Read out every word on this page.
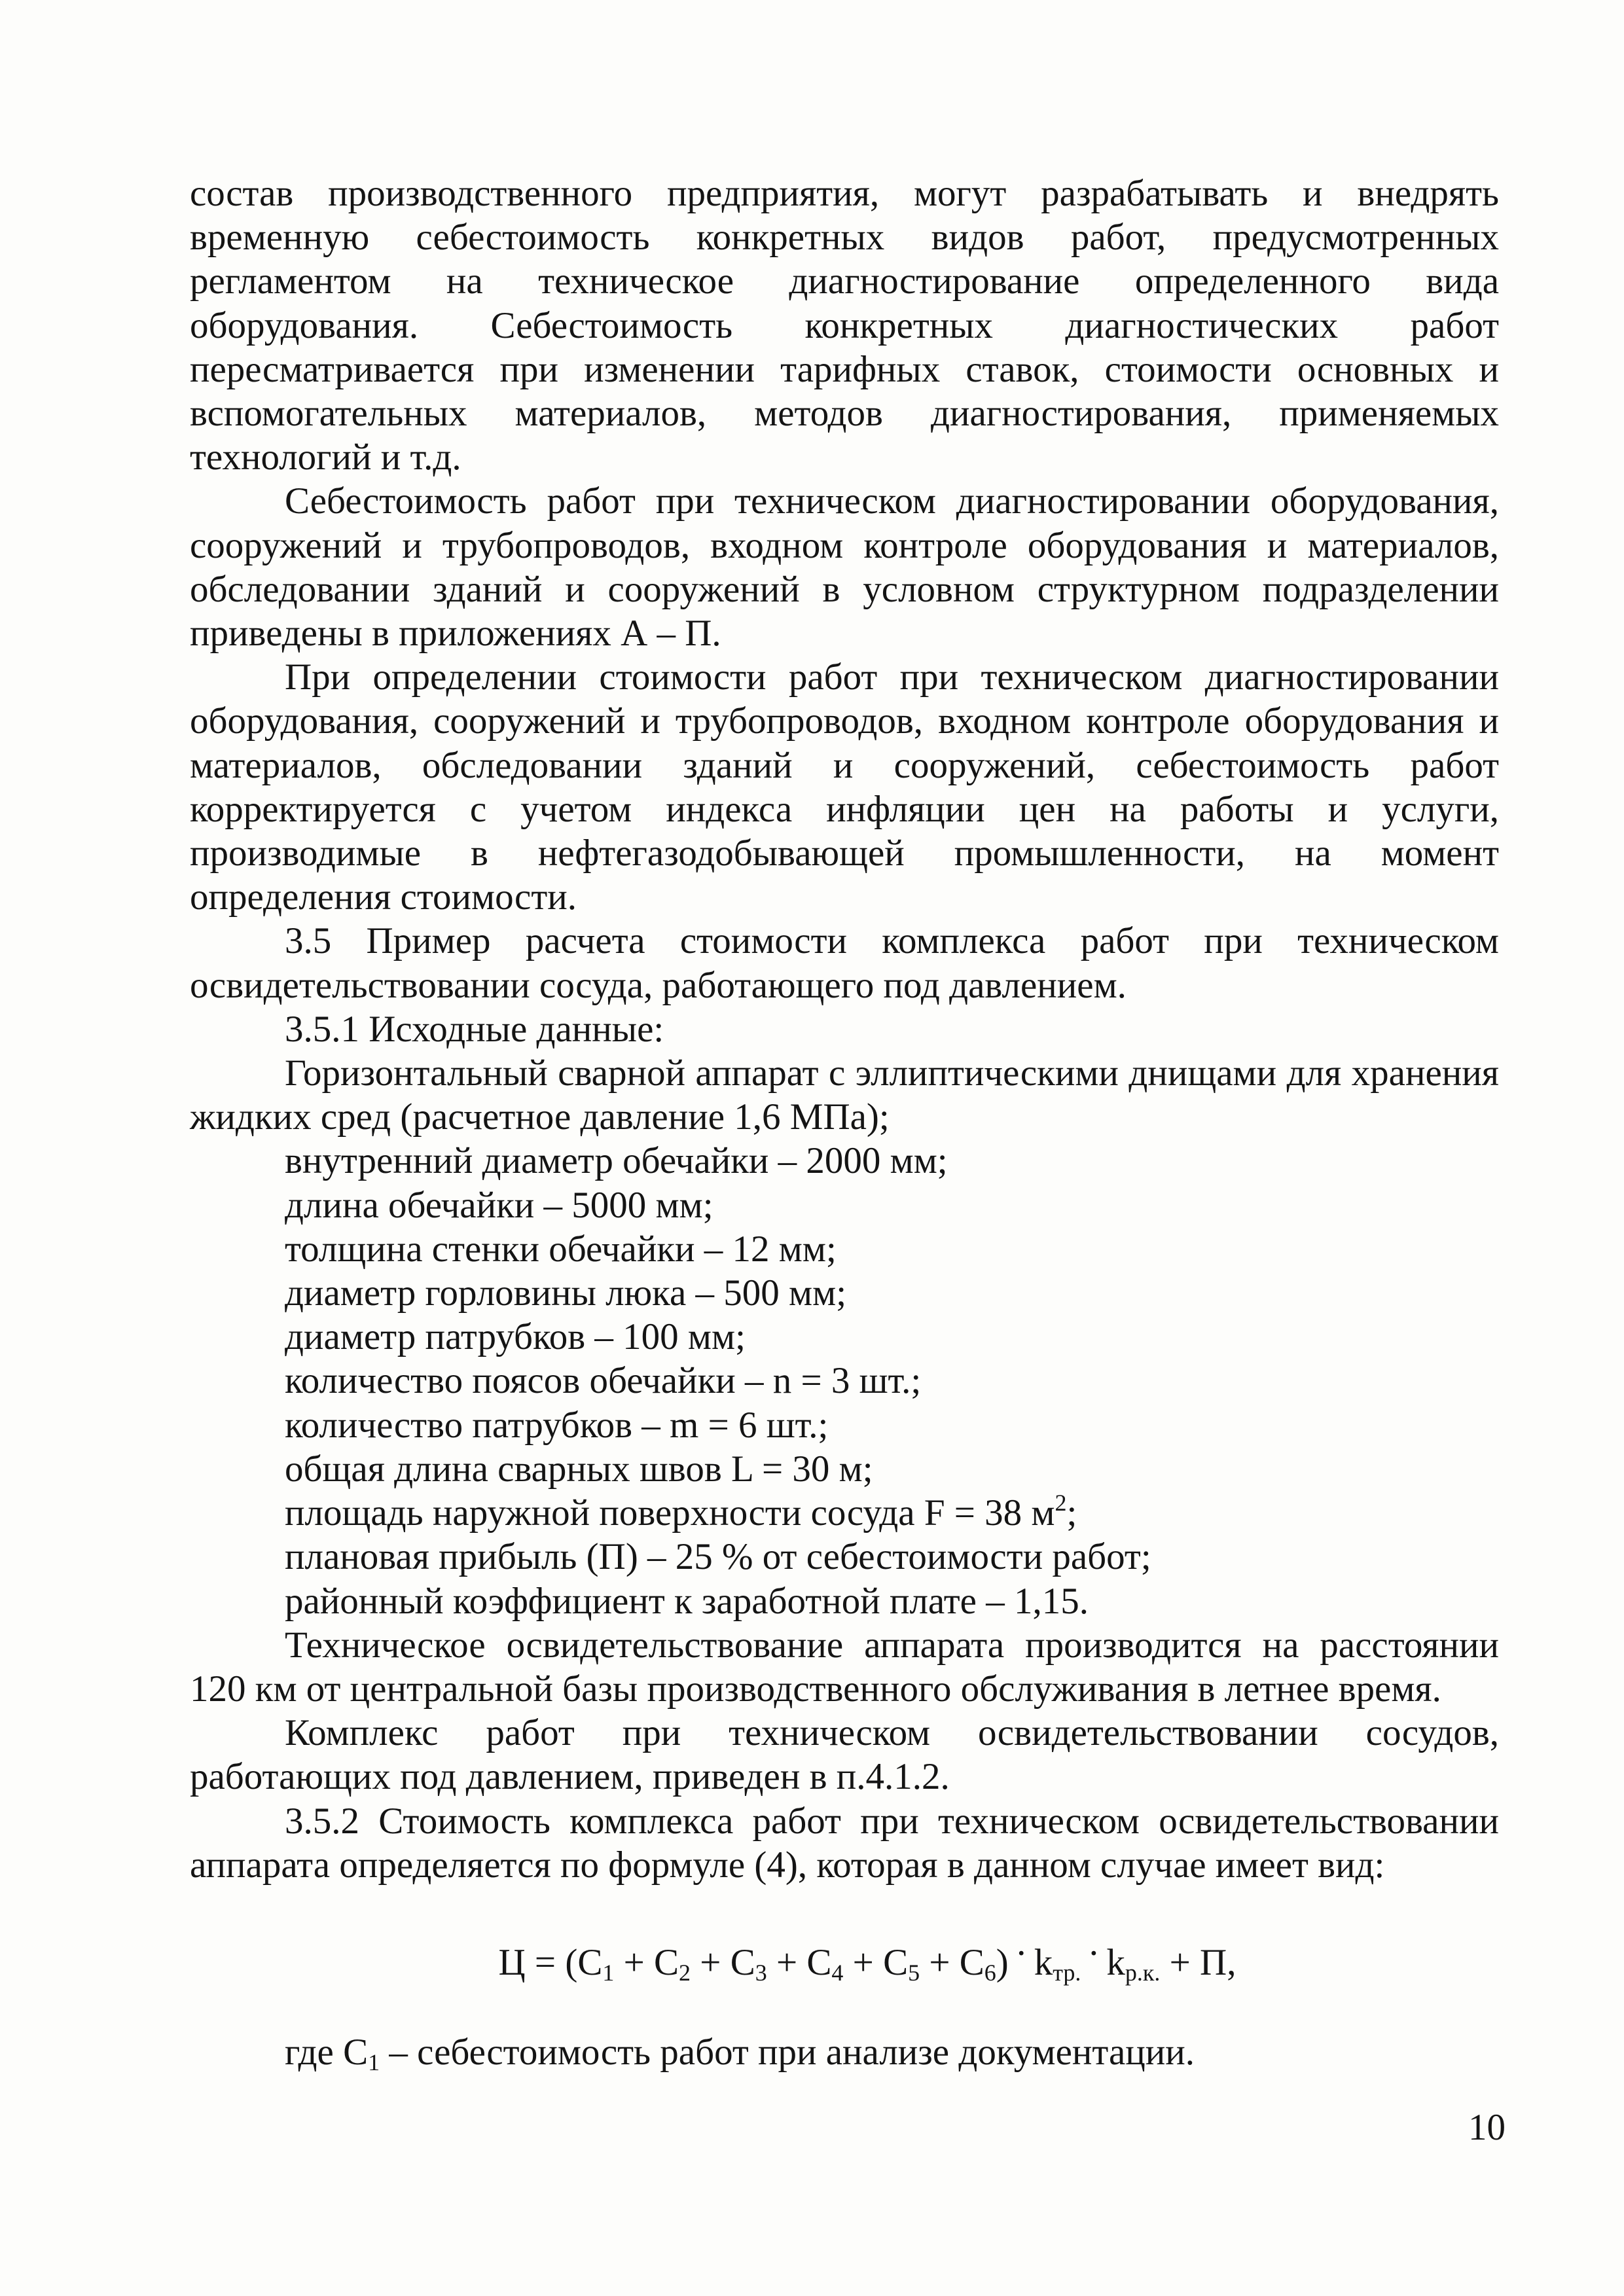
состав производственного предприятия, могут разрабатывать и внедрять временную себестоимость конкретных видов работ, предусмотренных регламентом на техническое диагностирование определенного вида оборудования. Себестоимость конкретных диагностических работ пересматривается при изменении тарифных ставок, стоимости основных и вспомогательных материалов, методов диагностирования, применяемых технологий и т.д.

Себестоимость работ при техническом диагностировании оборудования, сооружений и трубопроводов, входном контроле оборудования и материалов, обследовании зданий и сооружений в условном структурном подразделении приведены в приложениях А – П.

При определении стоимости работ при техническом диагностировании оборудования, сооружений и трубопроводов, входном контроле оборудования и материалов, обследовании зданий и сооружений, себестоимость работ корректируется с учетом индекса инфляции цен на работы и услуги, производимые в нефтегазодобывающей промышленности, на момент определения стоимости.

3.5 Пример расчета стоимости комплекса работ при техническом освидетельствовании сосуда, работающего под давлением.

3.5.1 Исходные данные:

Горизонтальный сварной аппарат с эллиптическими днищами для хранения жидких сред (расчетное давление 1,6 МПа);

внутренний диаметр обечайки – 2000 мм;
длина обечайки – 5000 мм;
толщина стенки обечайки – 12 мм;
диаметр горловины люка – 500 мм;
диаметр патрубков – 100 мм;
количество поясов обечайки – n = 3 шт.;
количество патрубков – m = 6 шт.;
общая длина сварных швов L = 30 м;
площадь наружной поверхности сосуда F = 38 $м^2$;
плановая прибыль (П) – 25 % от себестоимости работ;
районный коэффициент к заработной плате – 1,15.

Техническое освидетельствование аппарата производится на расстоянии 120 км от центральной базы производственного обслуживания в летнее время.

Комплекс работ при техническом освидетельствовании сосудов, работающих под давлением, приведен в п.4.1.2.

3.5.2 Стоимость комплекса работ при техническом освидетельствовании аппарата определяется по формуле (4), которая в данном случае имеет вид:

$Ц = (C_1 + C_2 + C_3 + C_4 + C_5 + C_6) \cdot k_{тр.} \cdot k_{р.к.} + П$,

где $C_1$ – себестоимость работ при анализе документации.

10
